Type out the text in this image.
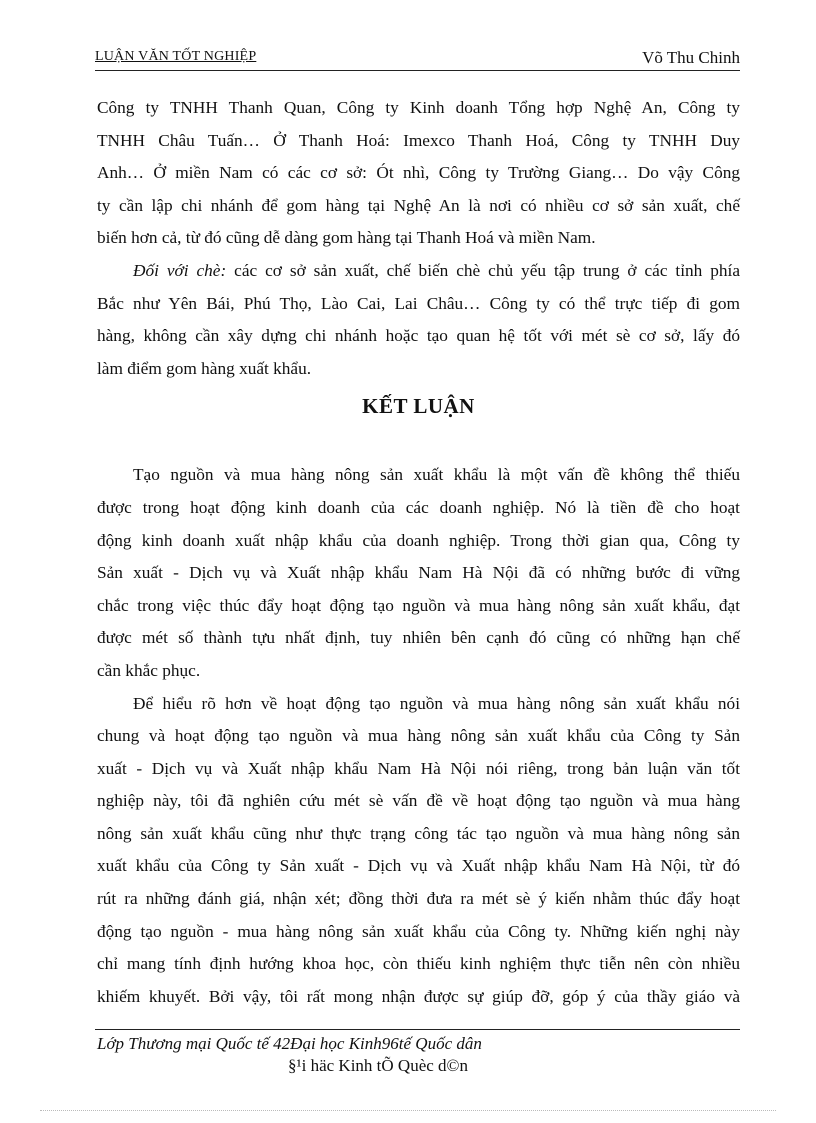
LUẬN VĂN TỐT NGHIỆP	Võ Thu Chinh

Công ty TNHH Thanh Quan, Công ty Kinh doanh Tổng hợp Nghệ An, Công ty

TNHH Châu Tuấn… Ở Thanh Hoá: Imexco Thanh Hoá, Công ty TNHH Duy

Anh… Ở miền Nam có các cơ sở: Ót nhì, Công ty Trường Giang… Do vậy Công

ty cần lập chi nhánh để gom hàng tại Nghệ An là nơi có nhiều cơ sở sản xuất, chế

biến hơn cả, từ đó cũng dễ dàng gom hàng tại Thanh Hoá và miền Nam.

Đối với chè: các cơ sở sản xuất, chế biến chè chủ yếu tập trung ở các tỉnh phía

Bắc như Yên Bái, Phú Thọ, Lào Cai, Lai Châu… Công ty có thể trực tiếp đi gom

hàng, không cần xây dựng chi nhánh hoặc tạo quan hệ tốt với mét sè cơ sở, lấy đó

làm điểm gom hàng xuất khẩu.

KẾT LUẬN

Tạo nguồn và mua hàng nông sản xuất khẩu là một vấn đề không thể thiếu

được trong hoạt động kinh doanh của các doanh nghiệp. Nó là tiền đề cho hoạt

động kinh doanh xuất nhập khẩu của doanh nghiệp. Trong thời gian qua, Công ty

Sản xuất - Dịch vụ và Xuất nhập khẩu Nam Hà Nội đã có những bước đi vững

chắc trong việc thúc đẩy hoạt động tạo nguồn và mua hàng nông sản xuất khẩu, đạt

được mét số thành tựu nhất định, tuy nhiên bên cạnh đó cũng có những hạn chế

cần khắc phục.

Để hiểu rõ hơn về hoạt động tạo nguồn và mua hàng nông sản xuất khẩu nói

chung và hoạt động tạo nguồn và mua hàng nông sản xuất khẩu của Công ty Sản

xuất - Dịch vụ và Xuất nhập khẩu Nam Hà Nội nói riêng, trong bản luận văn tốt

nghiệp này, tôi đã nghiên cứu mét sè vấn đề về hoạt động tạo nguồn và mua hàng

nông sản xuất khẩu cũng như thực trạng công tác tạo nguồn và mua hàng nông sản

xuất khẩu của Công ty Sản xuất - Dịch vụ và Xuất nhập khẩu Nam Hà Nội, từ đó

rút ra những đánh giá, nhận xét; đồng thời đưa ra mét sè ý kiến nhằm thúc đẩy hoạt

động tạo nguồn - mua hàng nông sản xuất khẩu của Công ty. Những kiến nghị này

chỉ mang tính định hướng khoa học, còn thiếu kinh nghiệm thực tiễn nên còn nhiều

khiếm khuyết. Bởi vậy, tôi rất mong nhận được sự giúp đỡ, góp ý của thầy giáo và

Lớp Thương mại Quốc tế 42Đại học Kinh96tế Quốc dân
§¹i häc Kinh tÕ Quèc d©n
